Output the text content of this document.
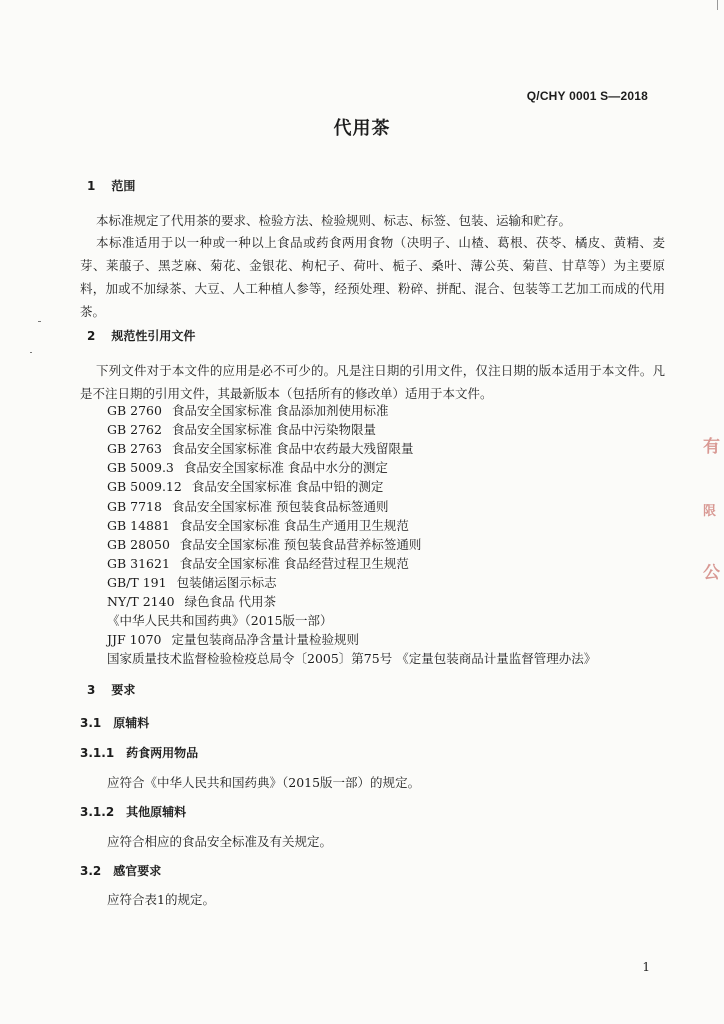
Q/CHY 0001 S—2018
代用茶
1 范围
本标准规定了代用茶的要求、检验方法、检验规则、标志、标签、包装、运输和贮存。
本标准适用于以一种或一种以上食品或药食两用食物（决明子、山楂、葛根、茯苓、橘皮、黄精、麦芽、莱菔子、黑芝麻、菊花、金银花、枸杞子、荷叶、栀子、桑叶、薄公英、菊苣、甘草等）为主要原料，加或不加绿茶、大豆、人工种植人参等，经预处理、粉碎、拼配、混合、包装等工艺加工而成的代用茶。
2 规范性引用文件
下列文件对于本文件的应用是必不可少的。凡是注日期的引用文件，仅注日期的版本适用于本文件。凡是不注日期的引用文件，其最新版本（包括所有的修改单）适用于本文件。
GB 2760 食品安全国家标准 食品添加剂使用标准
GB 2762 食品安全国家标准 食品中污染物限量
GB 2763 食品安全国家标准 食品中农药最大残留限量
GB 5009.3 食品安全国家标准 食品中水分的测定
GB 5009.12 食品安全国家标准 食品中铅的测定
GB 7718 食品安全国家标准 预包装食品标签通则
GB 14881 食品安全国家标准 食品生产通用卫生规范
GB 28050 食品安全国家标准 预包装食品营养标签通则
GB 31621 食品安全国家标准 食品经营过程卫生规范
GB/T 191 包装储运图示标志
NY/T 2140 绿色食品 代用茶
《中华人民共和国药典》（2015版一部）
JJF 1070 定量包装商品净含量计量检验规则
国家质量技术监督检验检疫总局令〔2005〕第75号 《定量包装商品计量监督管理办法》
3 要求
3.1 原辅料
3.1.1 药食两用物品
应符合《中华人民共和国药典》（2015版一部）的规定。
3.1.2 其他原辅料
应符合相应的食品安全标准及有关规定。
3.2 感官要求
应符合表1的规定。
1
有
限
公
